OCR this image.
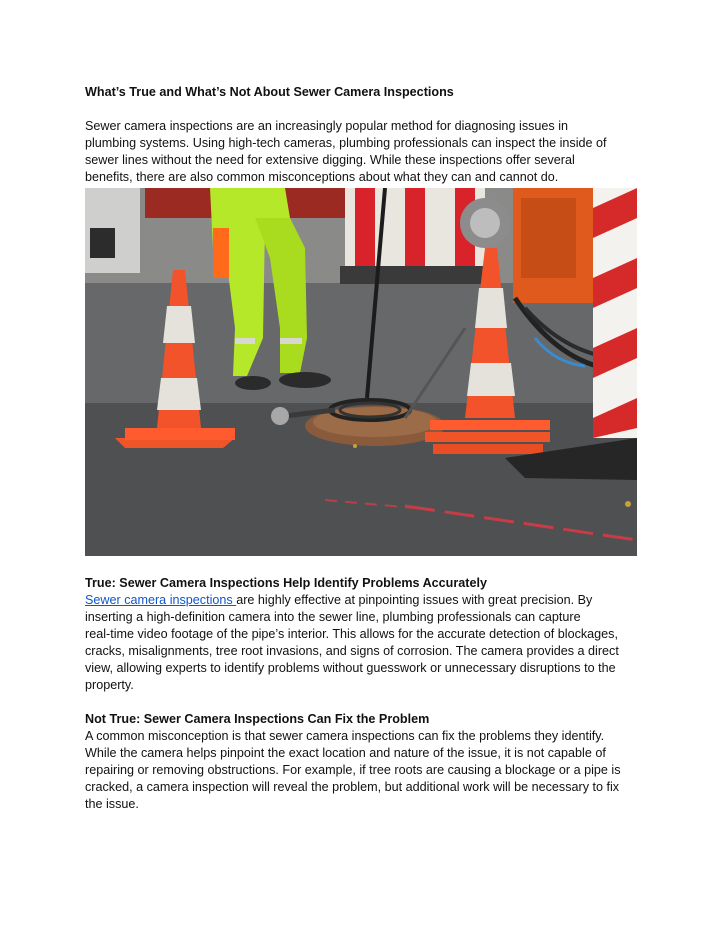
What’s True and What’s Not About Sewer Camera Inspections

Sewer camera inspections are an increasingly popular method for diagnosing issues in

plumbing systems. Using high-tech cameras, plumbing professionals can inspect the inside of

sewer lines without the need for extensive digging. While these inspections offer several

benefits, there are also common misconceptions about what they can and cannot do.

True: Sewer Camera Inspections Help Identify Problems Accurately

Sewer camera inspections are highly effective at pinpointing issues with great precision. By

inserting a high-definition camera into the sewer line, plumbing professionals can capture

real-time video footage of the pipe’s interior. This allows for the accurate detection of blockages,

cracks, misalignments, tree root invasions, and signs of corrosion. The camera provides a direct

view, allowing experts to identify problems without guesswork or unnecessary disruptions to the

property.

Not True: Sewer Camera Inspections Can Fix the Problem

A common misconception is that sewer camera inspections can fix the problems they identify.

While the camera helps pinpoint the exact location and nature of the issue, it is not capable of

repairing or removing obstructions. For example, if tree roots are causing a blockage or a pipe is

cracked, a camera inspection will reveal the problem, but additional work will be necessary to fix

the issue.
